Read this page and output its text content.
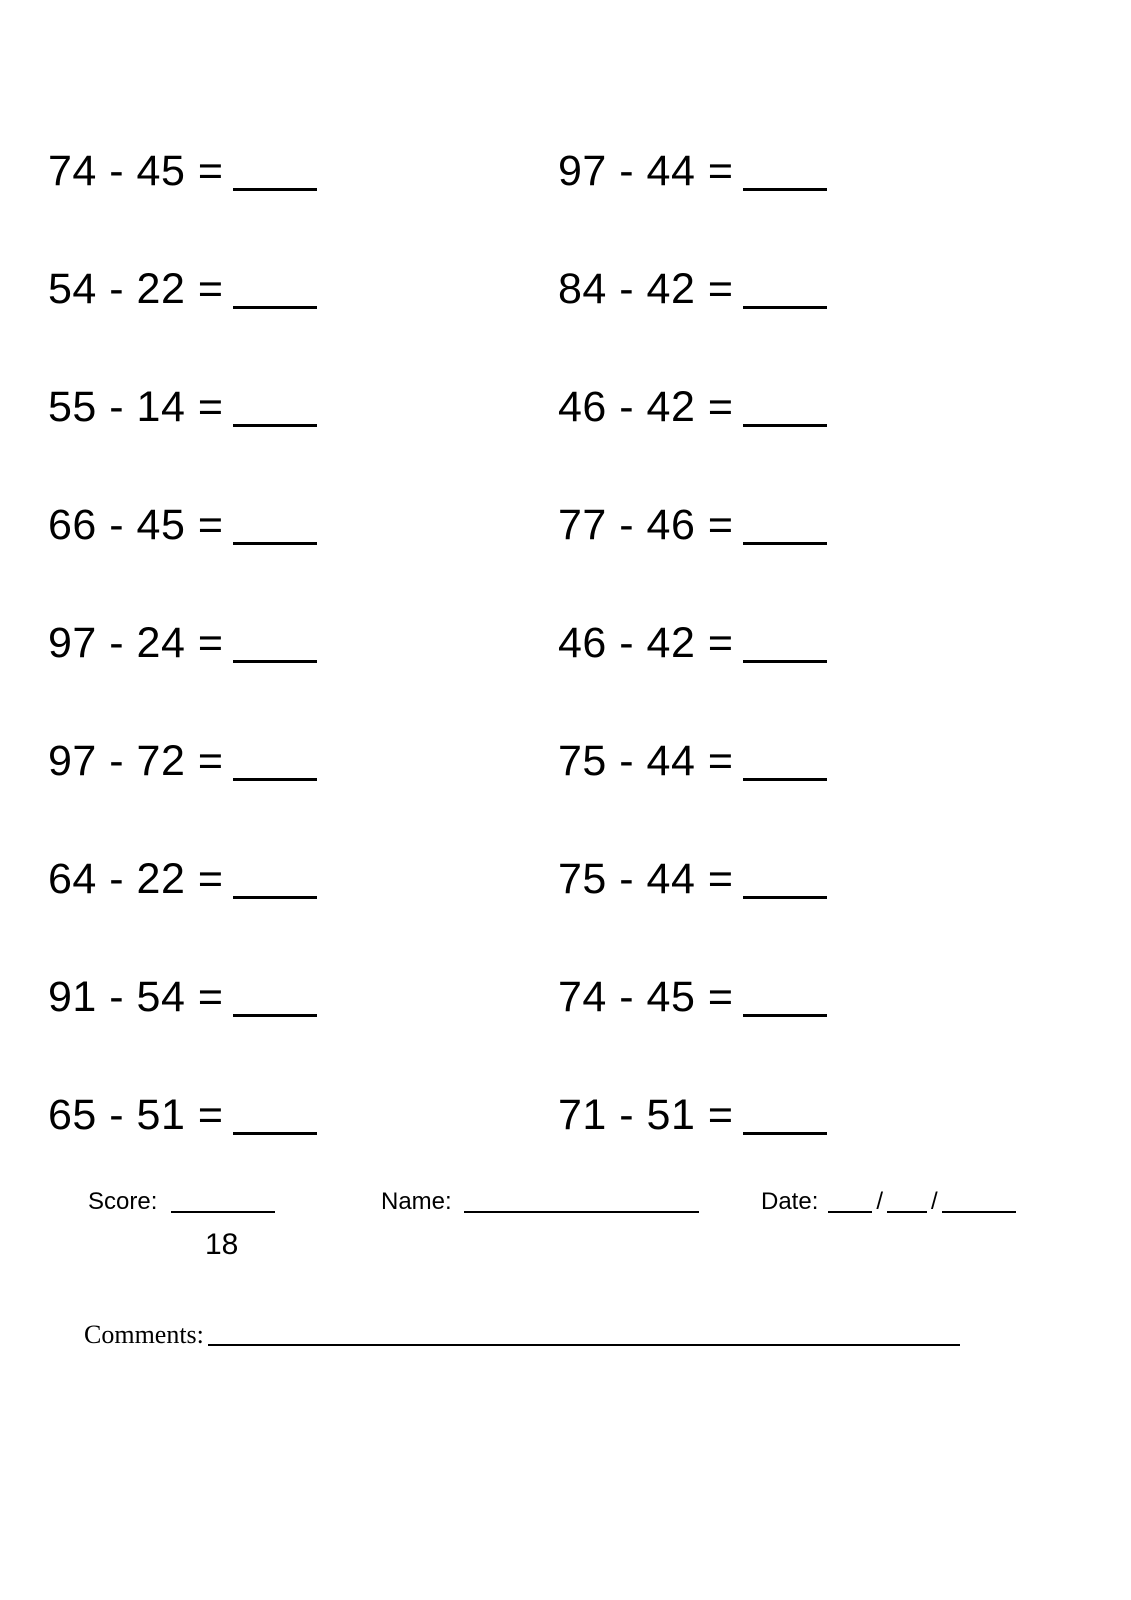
74 - 45 =	97 - 44 =
54 - 22 =	84 - 42 =
55 - 14 =	46 - 42 =
66 - 45 =	77 - 46 =
97 - 24 =	46 - 42 =
97 - 72 =	75 - 44 =
64 - 22 =	75 - 44 =
91 - 54 =	74 - 45 =
65 - 51 =	71 - 51 =
Score:
18
Name:	Date: / /
Comments:
